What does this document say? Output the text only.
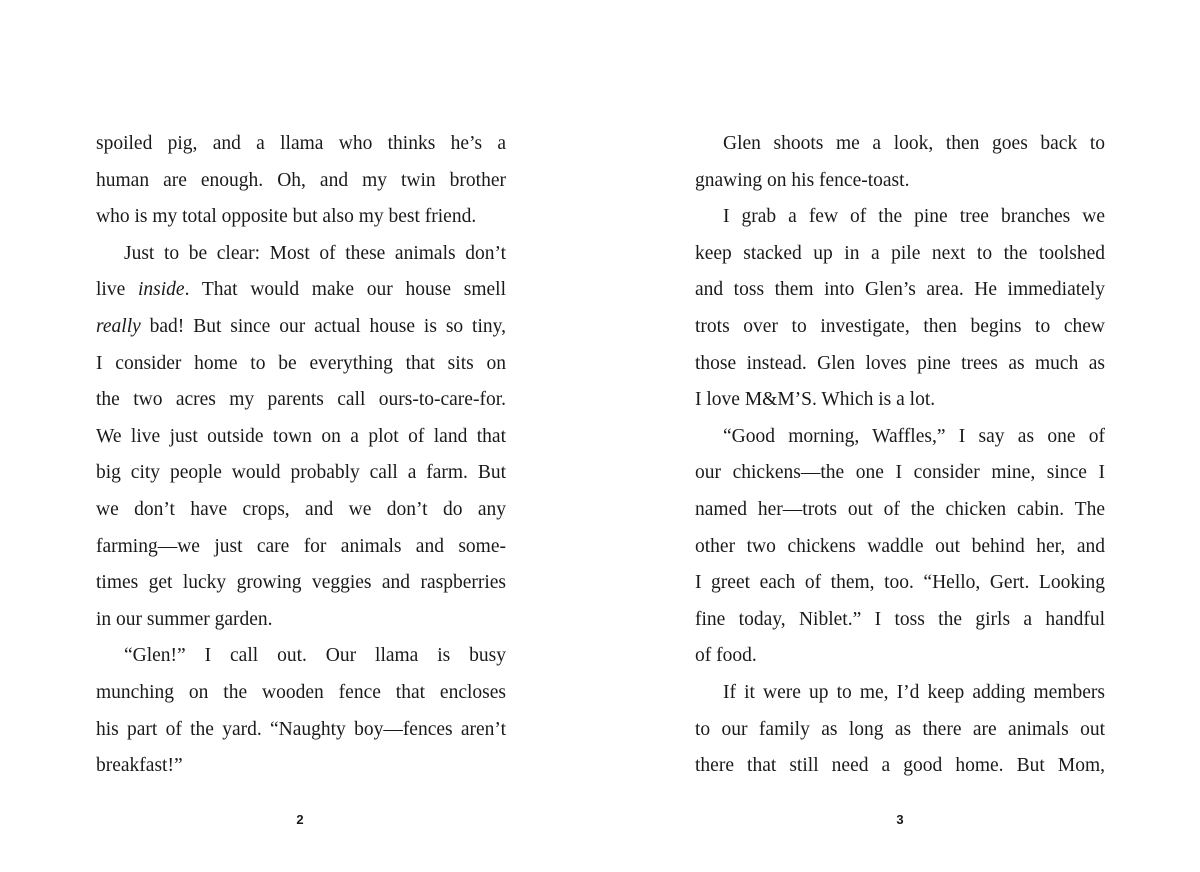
spoiled pig, and a llama who thinks he’s a
human are enough. Oh, and my twin brother
who is my total opposite but also my best friend.
Just to be clear: Most of these animals don’t
live inside. That would make our house smell
really bad! But since our actual house is so tiny,
I consider home to be everything that sits on
the two acres my parents call ours-to-care-for.
We live just outside town on a plot of land that
big city people would probably call a farm. But
we don’t have crops, and we don’t do any
farming—we just care for animals and some-
times get lucky growing veggies and raspberries
in our summer garden.
“Glen!” I call out. Our llama is busy
munching on the wooden fence that encloses
his part of the yard. “Naughty boy—fences aren’t
breakfast!”
Glen shoots me a look, then goes back to
gnawing on his fence-toast.
I grab a few of the pine tree branches we
keep stacked up in a pile next to the toolshed
and toss them into Glen’s area. He immediately
trots over to investigate, then begins to chew
those instead. Glen loves pine trees as much as
I love M&M’S. Which is a lot.
“Good morning, Waffles,” I say as one of
our chickens—the one I consider mine, since I
named her—trots out of the chicken cabin. The
other two chickens waddle out behind her, and
I greet each of them, too. “Hello, Gert. Looking
fine today, Niblet.” I toss the girls a handful
of food.
If it were up to me, I’d keep adding members
to our family as long as there are animals out
there that still need a good home. But Mom,
2	3
